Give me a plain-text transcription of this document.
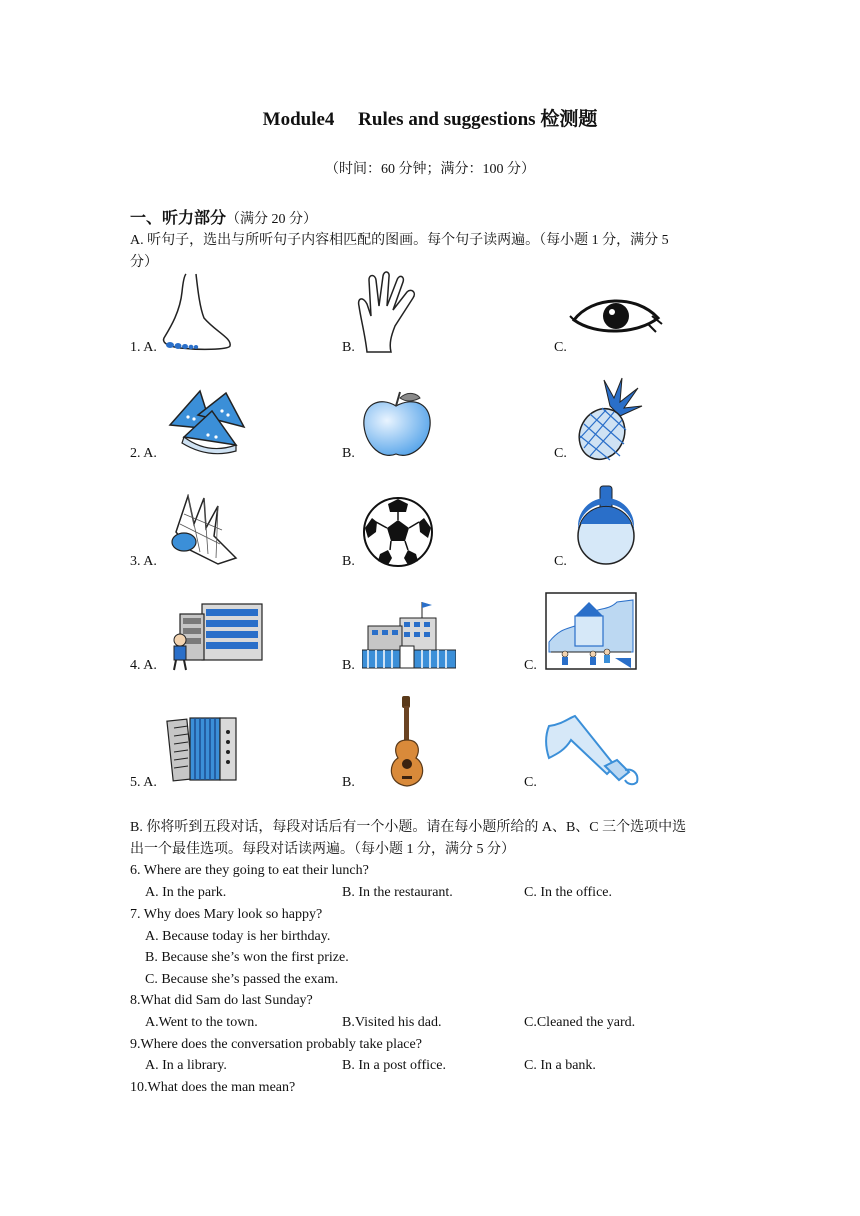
Module4　 Rules and suggestions 检测题
（时间：60 分钟；满分：100 分）
一、听力部分（满分 20 分）
A. 听句子，选出与所听句子内容相匹配的图画。每个句子读两遍。（每小题 1 分，满分 5
分）
1. A.	B.	C.
2. A.	B.	C.
3. A.	B.	C.
4. A.	B.	C.
5. A.	B.	C.
B. 你将听到五段对话，每段对话后有一个小题。请在每小题所给的 A、B、C 三个选项中选
出一个最佳选项。每段对话读两遍。（每小题 1 分，满分 5 分）
6. Where are they going to eat their lunch?
A. In the park.	B. In the restaurant.	C. In the office.
7. Why does Mary look so happy?
A. Because today is her birthday.
B. Because she’s won the first prize.
C. Because she’s passed the exam.
8.What did Sam do last Sunday?
A.Went to the town.	B.Visited his dad.	C.Cleaned the yard.
9.Where does the conversation probably take place?
A. In a library.	B. In a post office.	C. In a bank.
10.What does the man mean?
